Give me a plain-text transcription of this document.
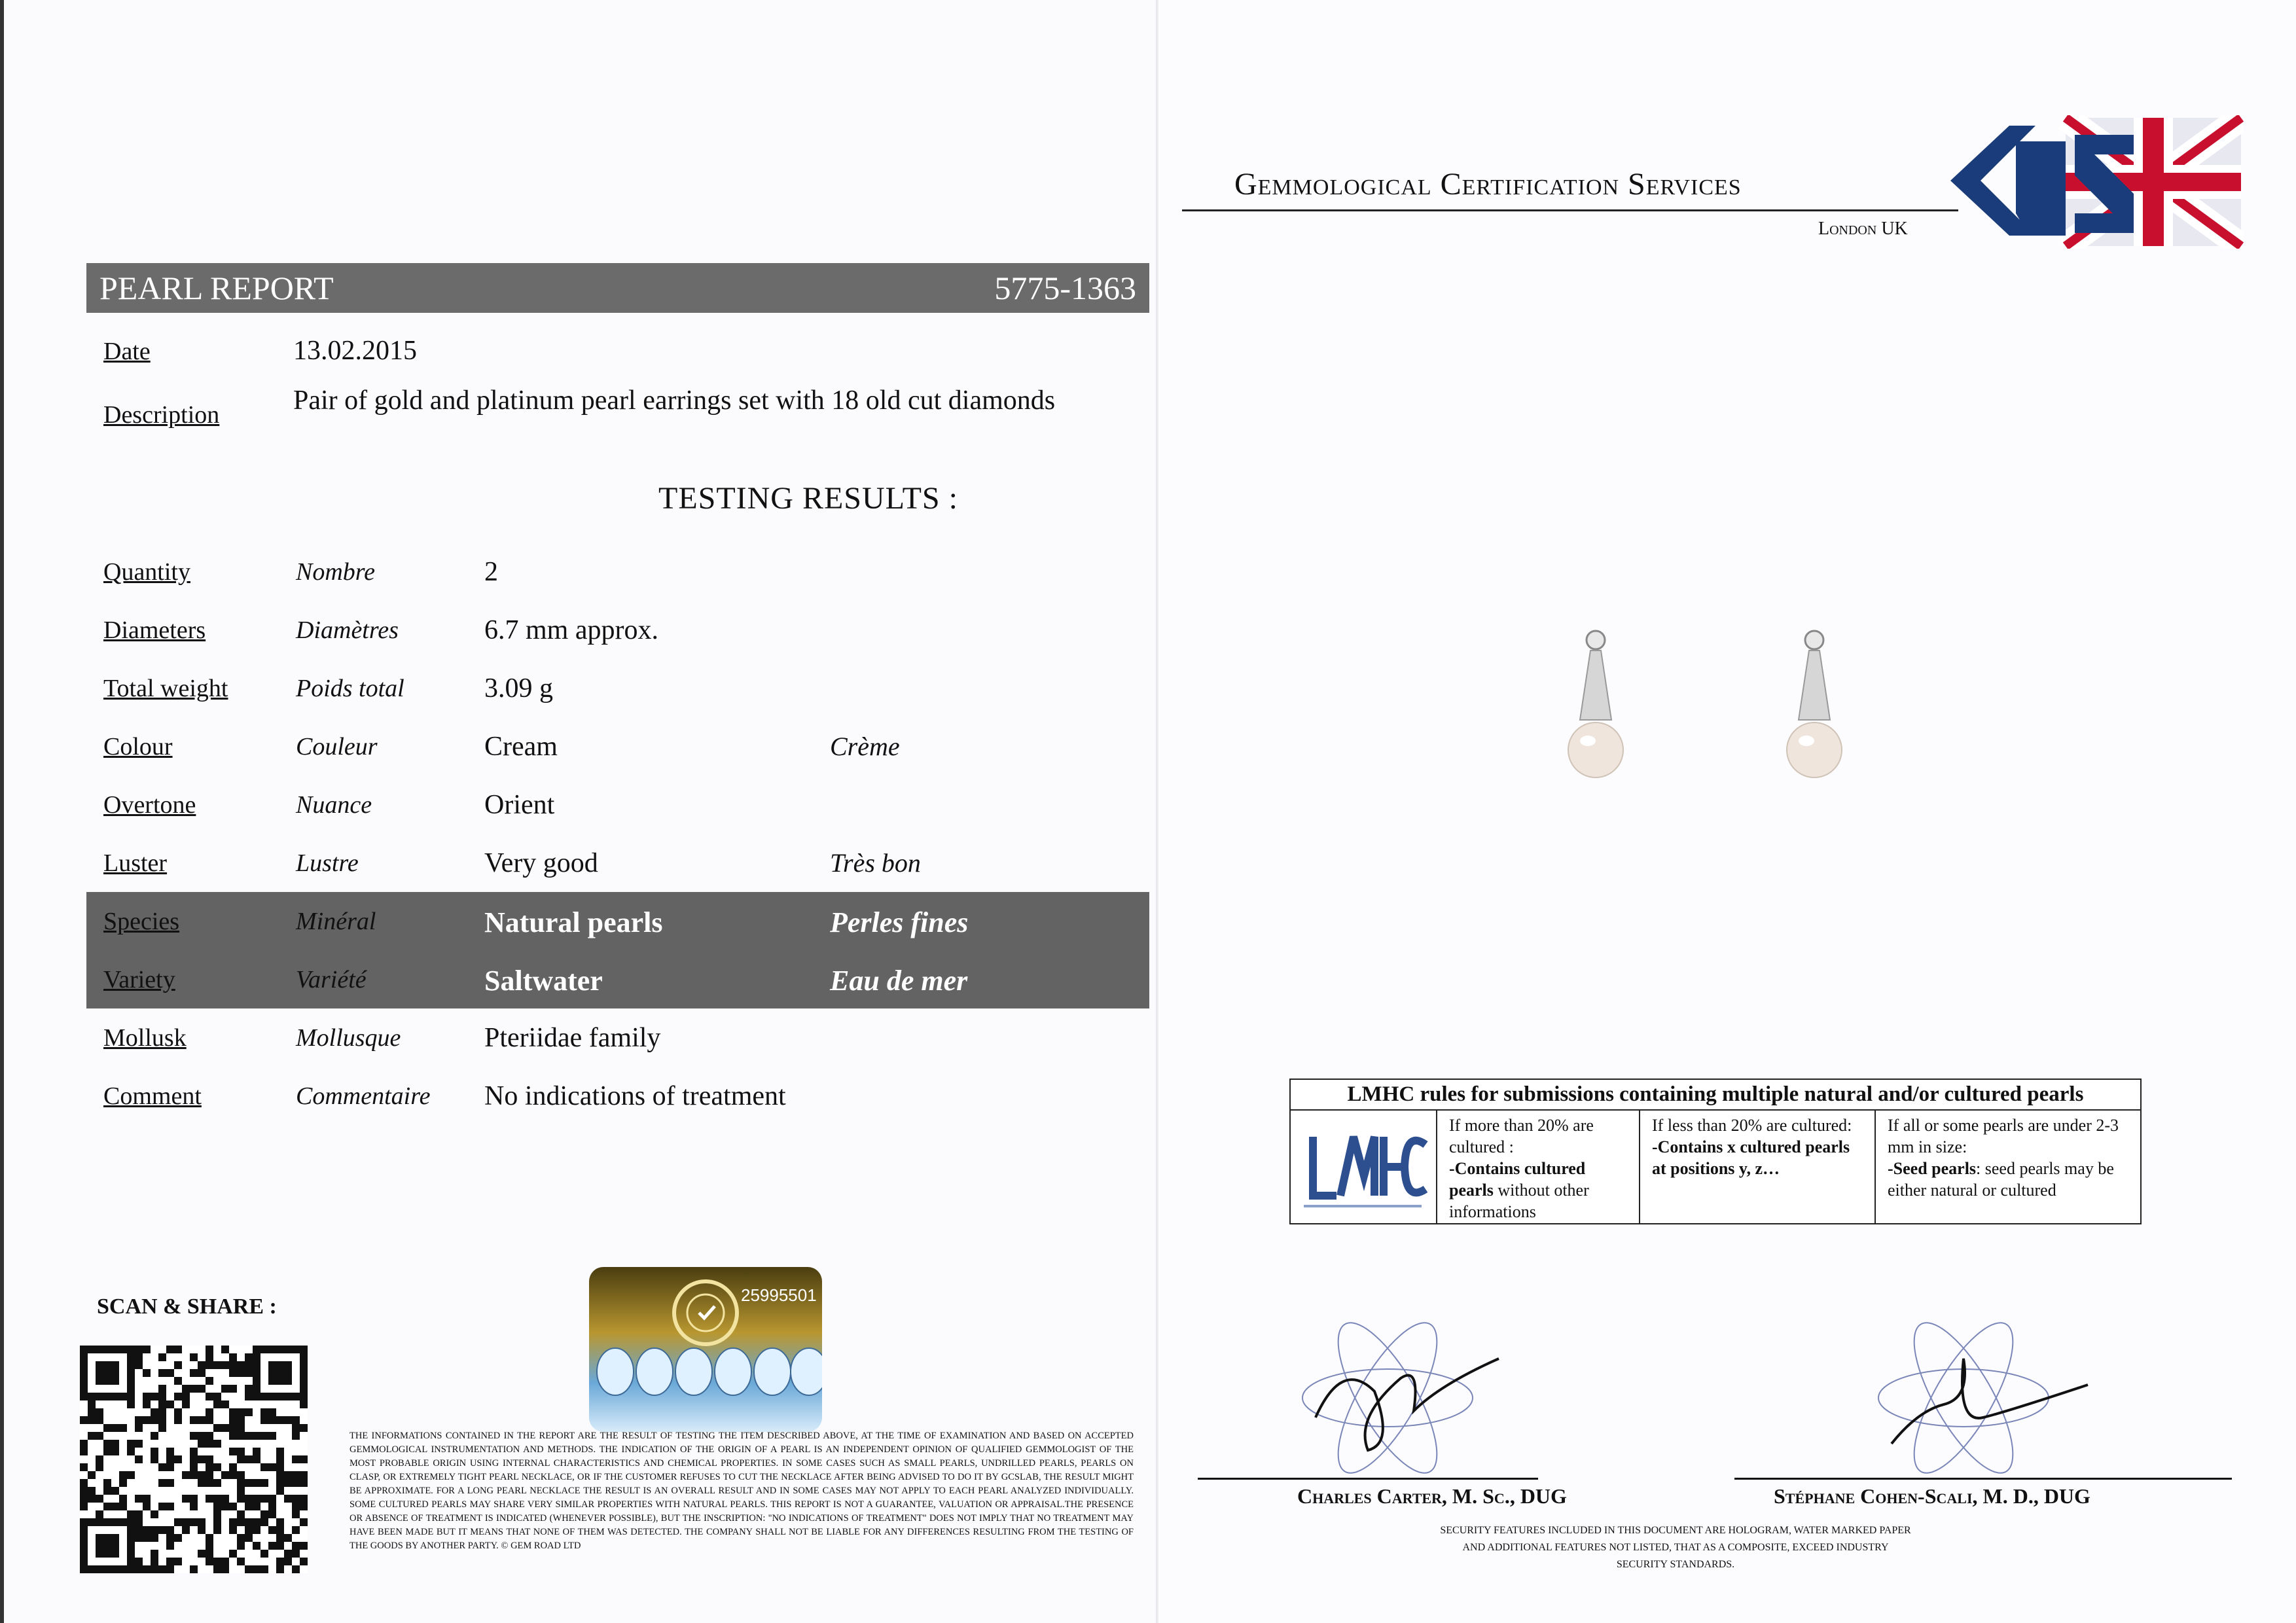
PEARL REPORT	5775-1363
Date	13.02.2015
Description	Pair of gold and platinum pearl earrings set with 18 old cut diamonds
TESTING RESULTS :
Quantity	Nombre	2
Diameters	Diamètres	6.7 mm approx.
Total weight	Poids total	3.09 g
Colour	Couleur	Cream	Crème
Overtone	Nuance	Orient
Luster	Lustre	Very good	Très bon
Species	Minéral	Natural pearls	Perles fines
Variety	Variété	Saltwater	Eau de mer
Mollusk	Mollusque	Pteriidae family
Comment	Commentaire No indications of treatment
SCAN & SHARE :	25995501
THE INFORMATIONS CONTAINED IN THE REPORT ARE THE RESULT OF TESTING THE ITEM DESCRIBED ABOVE, AT THE TIME OF EXAMINATION AND BASED ON ACCEPTED GEMMOLOGICAL INSTRUMENTATION AND METHODS. THE INDICATION OF THE ORIGIN OF A PEARL IS AN INDEPENDENT OPINION OF QUALIFIED GEMMOLOGIST OF THE MOST PROBABLE ORIGIN USING INTERNAL CHARACTERISTICS AND CHEMICAL PROPERTIES. IN SOME CASES SUCH AS SMALL PEARLS, UNDRILLED PEARLS, PEARLS ON CLASP, OR EXTREMELY TIGHT PEARL NECKLACE, OR IF THE CUSTOMER REFUSES TO CUT THE NECKLACE AFTER BEING ADVISED TO DO IT BY GCSLAB, THE RESULT MIGHT BE APPROXIMATE. FOR A LONG PEARL NECKLACE THE RESULT IS AN OVERALL RESULT AND IN SOME CASES MAY NOT APPLY TO EACH PEARL ANALYZED INDIVIDUALLY. SOME CULTURED PEARLS MAY SHARE VERY SIMILAR PROPERTIES WITH NATURAL PEARLS. THIS REPORT IS NOT A GUARANTEE, VALUATION OR APPRAISAL.THE PRESENCE OR ABSENCE OF TREATMENT IS INDICATED (WHENEVER POSSIBLE), BUT THE INSCRIPTION: "NO INDICATIONS OF TREATMENT" DOES NOT IMPLY THAT NO TREATMENT MAY HAVE BEEN MADE BUT IT MEANS THAT NONE OF THEM WAS DETECTED. THE COMPANY SHALL NOT BE LIABLE FOR ANY DIFFERENCES RESULTING FROM THE TESTING OF THE GOODS BY ANOTHER PARTY. © GEM ROAD LTD
Gemmological Certification Services
London UK
LMHC rules for submissions containing multiple natural and/or cultured pearls
If more than 20% are cultured :
-Contains cultured pearls without other informations
If less than 20% are cultured:
-Contains x cultured pearls at positions y, z…
If all or some pearls are under 2-3 mm in size:
-Seed pearls: seed pearls may be either natural or cultured
Charles Carter, M. Sc., DUG	Stéphane Cohen-Scali, M. D., DUG
SECURITY FEATURES INCLUDED IN THIS DOCUMENT ARE HOLOGRAM, WATER MARKED PAPER AND ADDITIONAL FEATURES NOT LISTED, THAT AS A COMPOSITE, EXCEED INDUSTRY SECURITY STANDARDS.
